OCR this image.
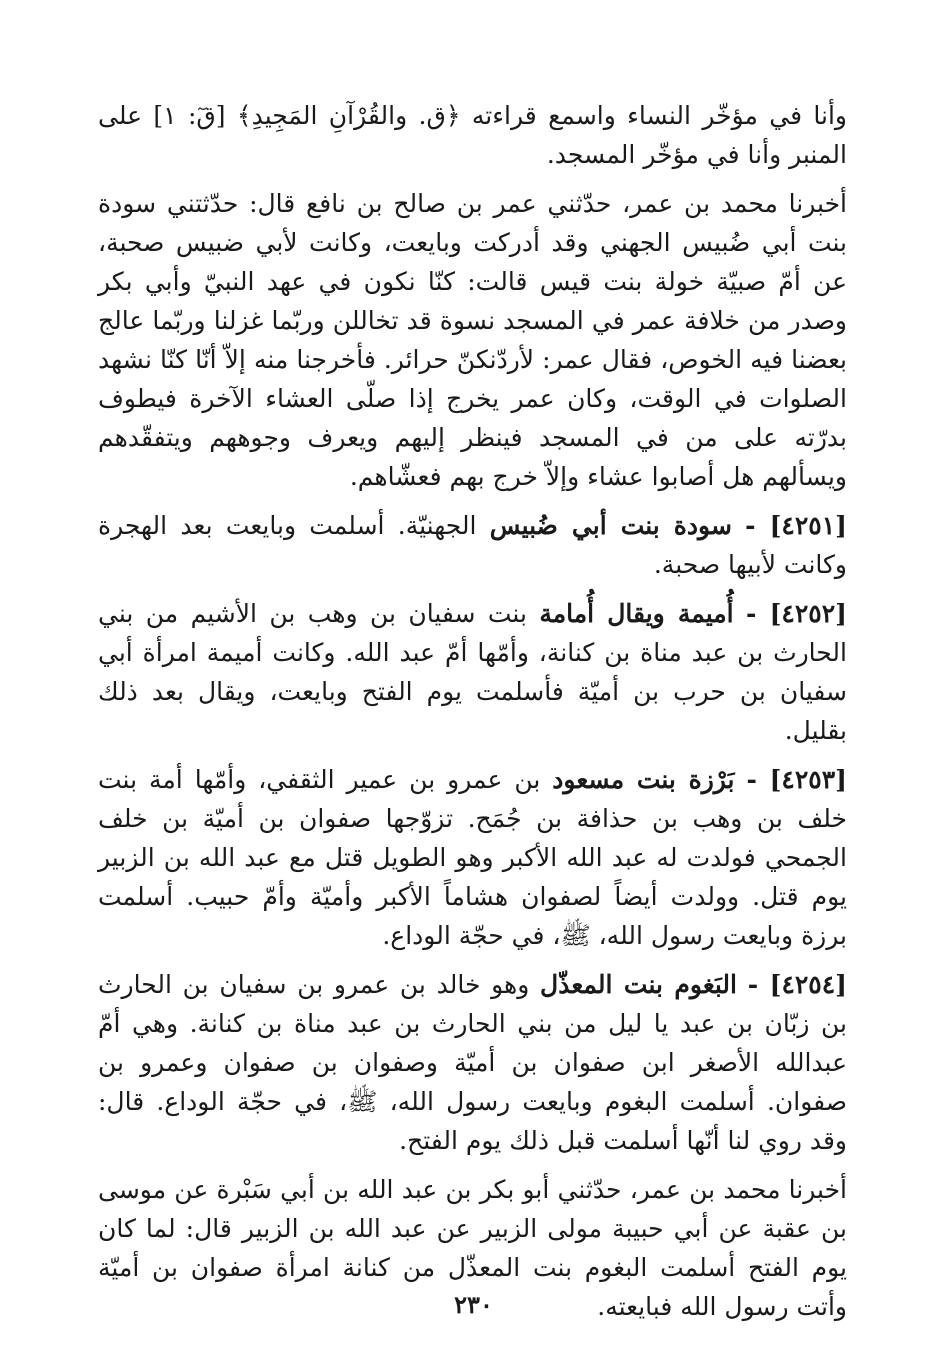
وأنا في مؤخّر النساء واسمع قراءته ﴿ق. والقُرْآنِ المَجِيدِ﴾ [قٓ: ١] على المنبر وأنا في مؤخّر المسجد.

أخبرنا محمد بن عمر، حدّثني عمر بن صالح بن نافع قال: حدّثتني سودة بنت أبي ضُبيس الجهني وقد أدركت وبايعت، وكانت لأبي ضبيس صحبة، عن أمّ صبيّة خولة بنت قيس قالت: كنّا نكون في عهد النبيّ وأبي بكر وصدر من خلافة عمر في المسجد نسوة قد تخاللن وربّما غزلنا وربّما عالج بعضنا فيه الخوص، فقال عمر: لأردّنكنّ حرائر. فأخرجنا منه إلاّ أنّا كنّا نشهد الصلوات في الوقت، وكان عمر يخرج إذا صلّى العشاء الآخرة فيطوف بدرّته على من في المسجد فينظر إليهم ويعرف وجوههم ويتفقّدهم ويسألهم هل أصابوا عشاء وإلاّ خرج بهم فعشّاهم.

[٤٢٥١] - سودة بنت أبي ضُبيس الجهنيّة. أسلمت وبايعت بعد الهجرة وكانت لأبيها صحبة.

[٤٢٥٢] - أُميمة ويقال أُمامة بنت سفيان بن وهب بن الأشيم من بني الحارث بن عبد مناة بن كنانة، وأمّها أمّ عبد الله. وكانت أميمة امرأة أبي سفيان بن حرب بن أميّة فأسلمت يوم الفتح وبايعت، ويقال بعد ذلك بقليل.

[٤٢٥٣] - بَرْزة بنت مسعود بن عمرو بن عمير الثقفي، وأمّها أمة بنت خلف بن وهب بن حذافة بن جُمَح. تزوّجها صفوان بن أميّة بن خلف الجمحي فولدت له عبد الله الأكبر وهو الطويل قتل مع عبد الله بن الزبير يوم قتل. وولدت أيضاً لصفوان هشاماً الأكبر وأميّة وأمّ حبيب. أسلمت برزة وبايعت رسول الله، ﷺ، في حجّة الوداع.

[٤٢٥٤] - البَغوم بنت المعذّل وهو خالد بن عمرو بن سفيان بن الحارث بن زبّان بن عبد يا ليل من بني الحارث بن عبد مناة بن كنانة. وهي أمّ عبدالله الأصغر ابن صفوان بن أميّة وصفوان بن صفوان وعمرو بن صفوان. أسلمت البغوم وبايعت رسول الله، ﷺ، في حجّة الوداع. قال: وقد روي لنا أنّها أسلمت قبل ذلك يوم الفتح.

أخبرنا محمد بن عمر، حدّثني أبو بكر بن عبد الله بن أبي سَبْرة عن موسى بن عقبة عن أبي حبيبة مولى الزبير عن عبد الله بن الزبير قال: لما كان يوم الفتح أسلمت البغوم بنت المعذّل من كنانة امرأة صفوان بن أميّة وأتت رسول الله فبايعته.

٢٣٠
